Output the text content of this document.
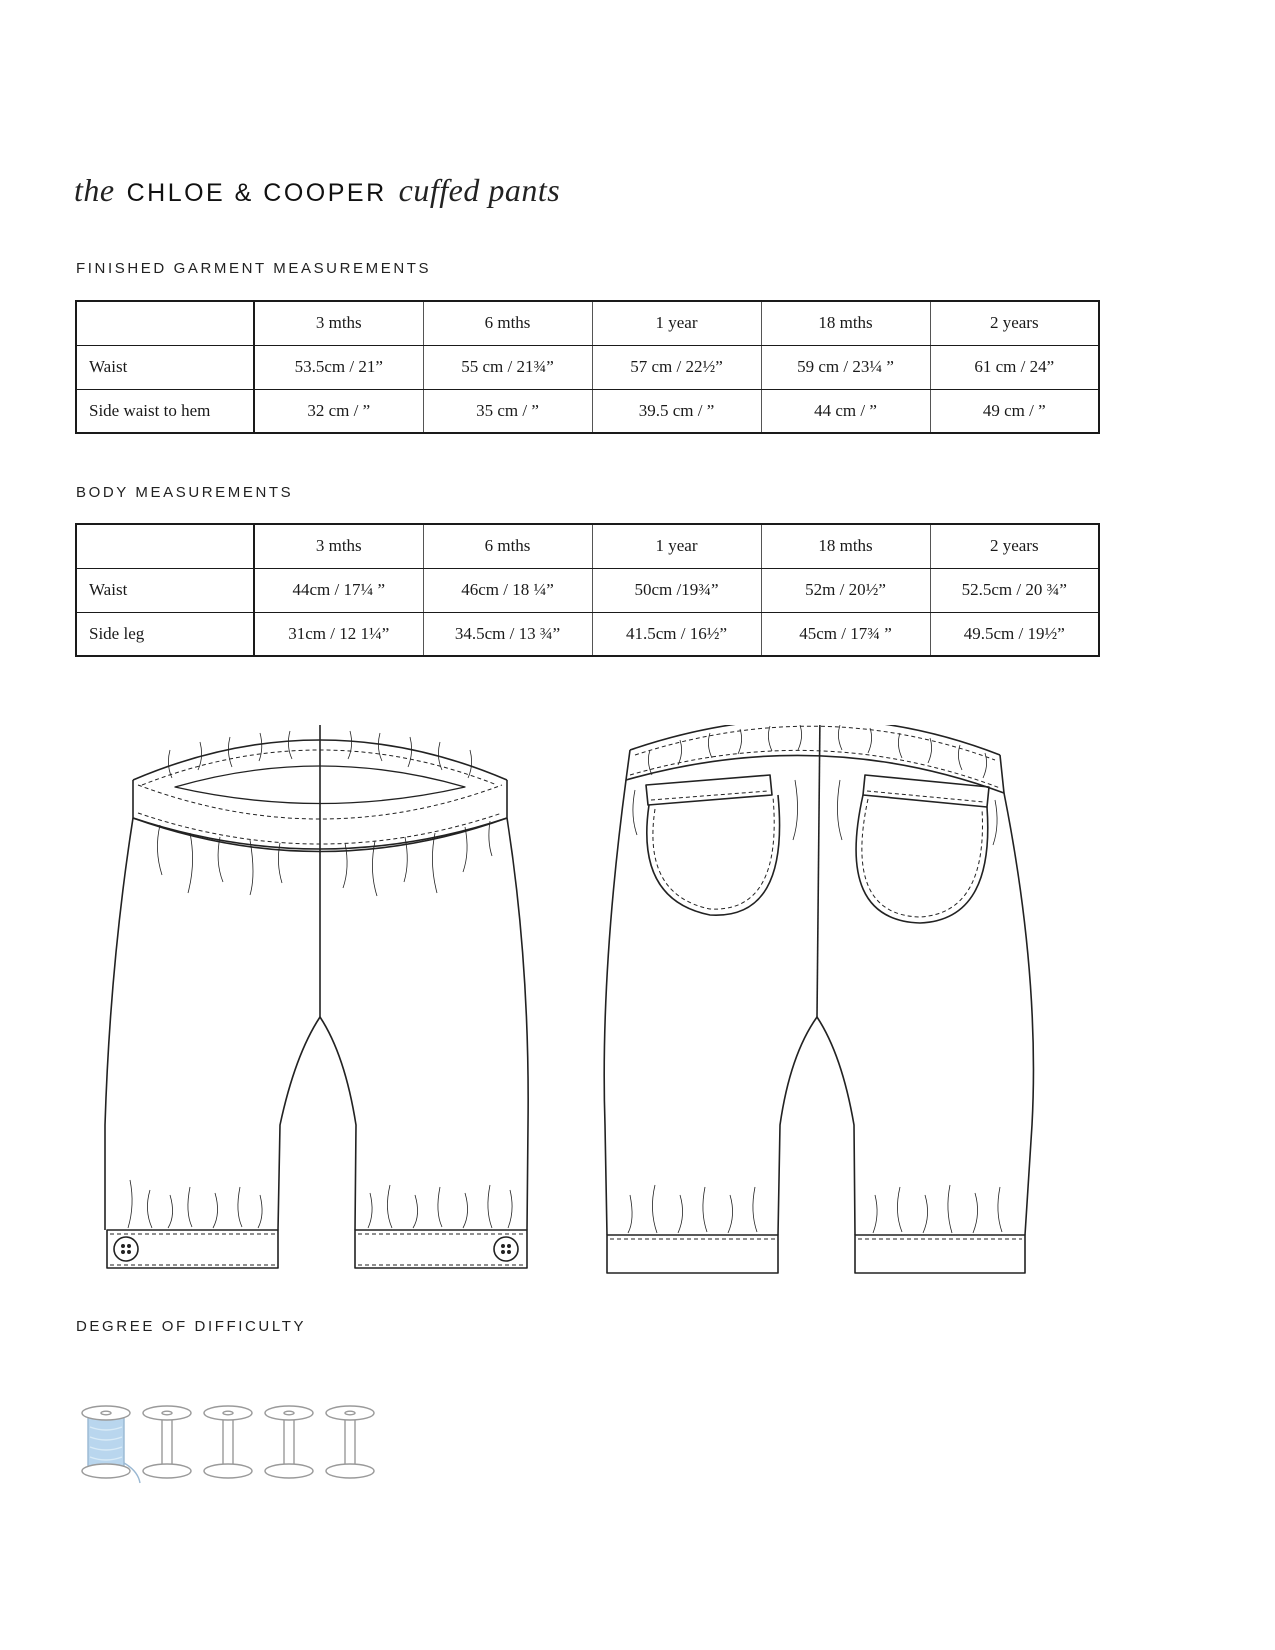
the CHLOE & COOPER cuffed pants
FINISHED GARMENT MEASUREMENTS
	3 mths	6 mths	1 year	18 mths	2 years
Waist	53.5cm / 21”	55 cm / 21¾”	57 cm / 22½”	59 cm / 23¼ ”	61 cm / 24”
Side waist to hem	32 cm / ”	35 cm / ”	39.5 cm / ”	44 cm / ”	49 cm / ”
BODY MEASUREMENTS
	3 mths	6 mths	1 year	18 mths	2 years
Waist	44cm / 17¼ ”	46cm / 18 ¼”	50cm /19¾”	52m / 20½”	52.5cm / 20 ¾”
Side leg	31cm / 12 1¼”	34.5cm / 13 ¾”	41.5cm / 16½”	45cm / 17¾ ”	49.5cm / 19½”
DEGREE OF DIFFICULTY
